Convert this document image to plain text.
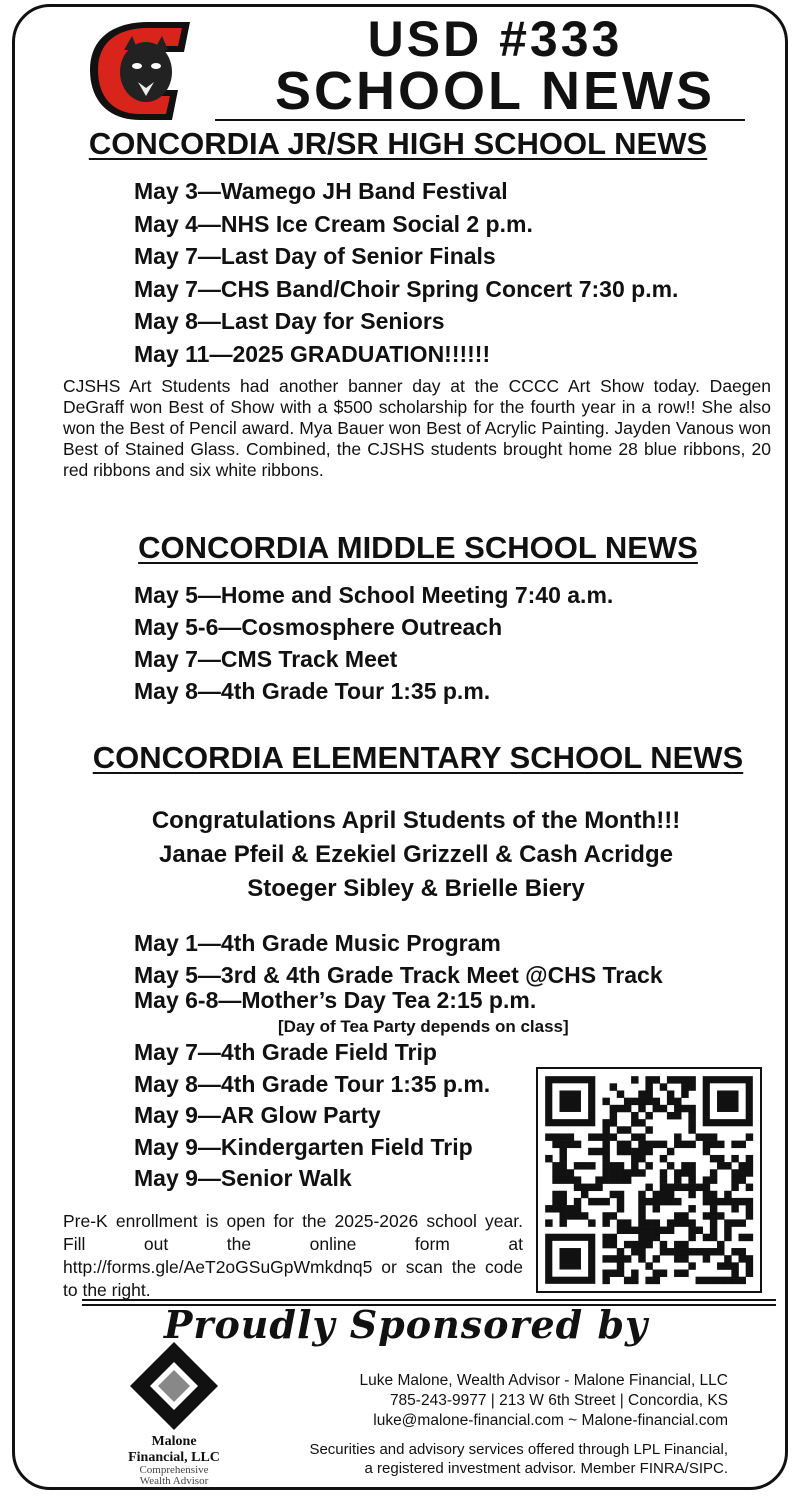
USD #333
SCHOOL NEWS
CONCORDIA JR/SR HIGH SCHOOL NEWS
May 3—Wamego JH Band Festival
May 4—NHS Ice Cream Social 2 p.m.
May 7—Last Day of Senior Finals
May 7—CHS Band/Choir Spring Concert 7:30 p.m.
May 8—Last Day for Seniors
May 11—2025 GRADUATION!!!!!!
CJSHS Art Students had another banner day at the CCCC Art Show today. Daegen DeGraff won Best of Show with a $500 scholarship for the fourth year in a row!! She also won the Best of Pencil award. Mya Bauer won Best of Acrylic Painting. Jayden Vanous won Best of Stained Glass. Combined, the CJSHS students brought home 28 blue ribbons, 20 red ribbons and six white ribbons.
CONCORDIA MIDDLE SCHOOL NEWS
May 5—Home and School Meeting 7:40 a.m.
May 5-6—Cosmosphere Outreach
May 7—CMS Track Meet
May 8—4th Grade Tour 1:35 p.m.
CONCORDIA ELEMENTARY SCHOOL NEWS
Congratulations April Students of the Month!!!
Janae Pfeil & Ezekiel Grizzell & Cash Acridge
Stoeger Sibley & Brielle Biery
May 1—4th Grade Music Program
May 5—3rd & 4th Grade Track Meet @CHS Track
May 6-8—Mother’s Day Tea 2:15 p.m.
[Day of Tea Party depends on class]
May 7—4th Grade Field Trip
May 8—4th Grade Tour 1:35 p.m.
May 9—AR Glow Party
May 9—Kindergarten Field Trip
May 9—Senior Walk
Pre-K enrollment is open for the 2025-2026 school year. Fill out the online form at http://forms.gle/AeT2oGSuGpWmkdnq5 or scan the code to the right.
Proudly Sponsored by
Malone
Financial, LLC
Comprehensive
Wealth Advisor
Luke Malone, Wealth Advisor - Malone Financial, LLC
785-243-9977 | 213 W 6th Street | Concordia, KS
luke@malone-financial.com ~ Malone-financial.com
Securities and advisory services offered through LPL Financial,
a registered investment advisor. Member FINRA/SIPC.
